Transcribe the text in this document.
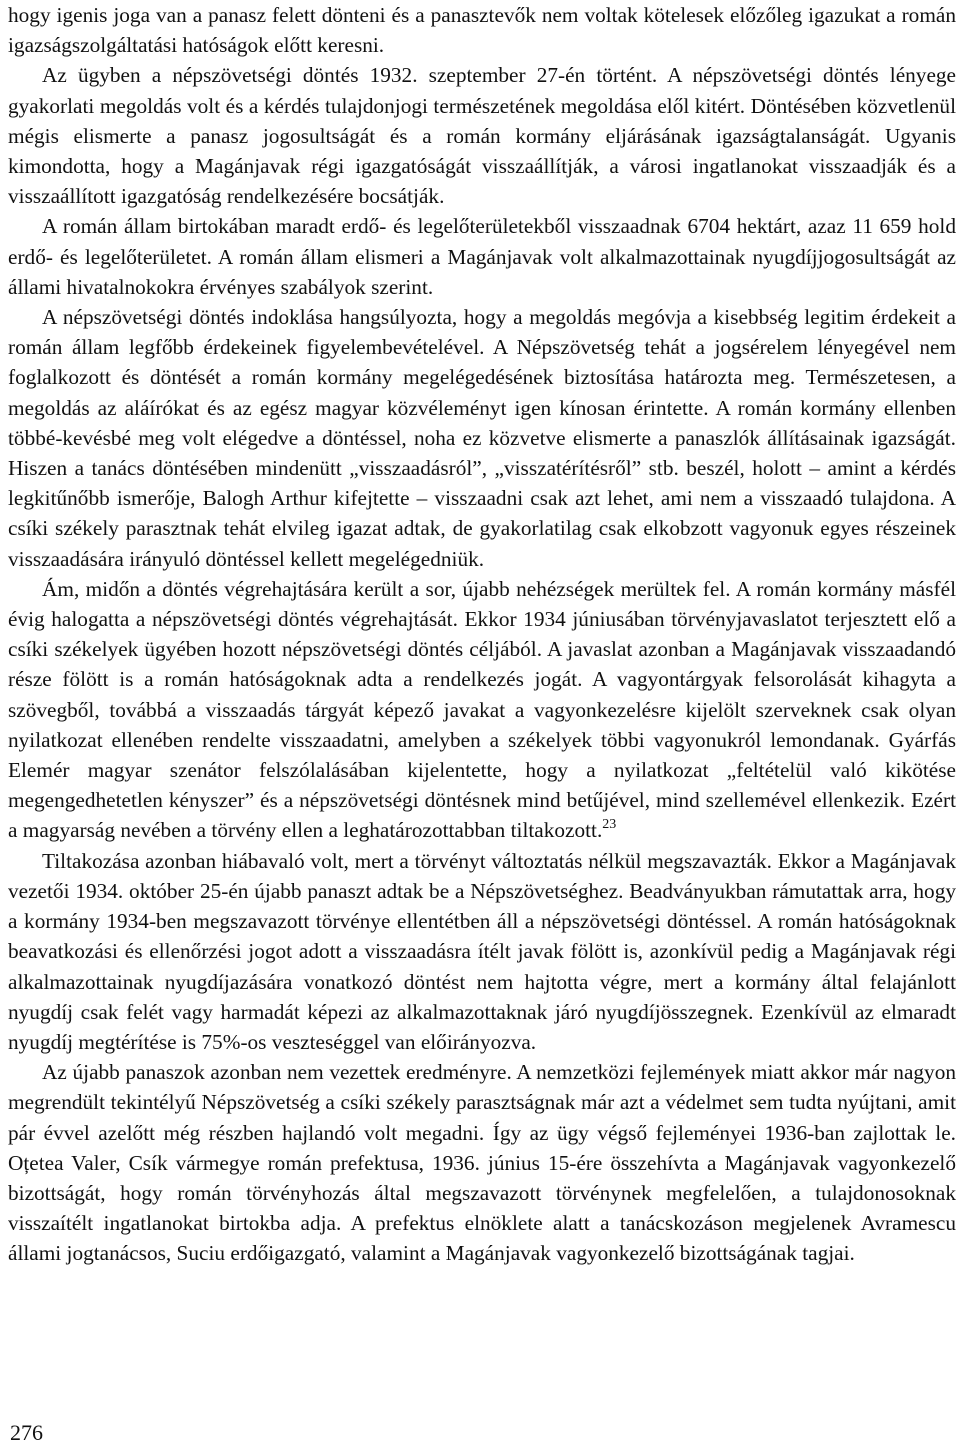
hogy igenis joga van a panasz felett dönteni és a panasztevők nem voltak kötelesek előzőleg igazukat a román igazságszolgáltatási hatóságok előtt keresni.

Az ügyben a népszövetségi döntés 1932. szeptember 27-én történt. A népszövetségi döntés lényege gyakorlati megoldás volt és a kérdés tulajdonjogi természetének megoldása elől kitért. Döntésében közvetlenül mégis elismerte a panasz jogosultságát és a román kormány eljárásának igazságtalanságát. Ugyanis kimondotta, hogy a Magánjavak régi igazgatóságát visszaállítják, a városi ingatlanokat visszaadják és a visszaállított igazgatóság rendelkezésére bocsátják.

A román állam birtokában maradt erdő- és legelőterületekből visszaadnak 6704 hektárt, azaz 11 659 hold erdő- és legelőterületet. A román állam elismeri a Magánjavak volt alkalmazottainak nyugdíjjogosultságát az állami hivatalnokokra érvényes szabályok szerint.

A népszövetségi döntés indoklása hangsúlyozta, hogy a megoldás megóvja a kisebbség legitim érdekeit a román állam legfőbb érdekeinek figyelembevételével. A Népszövetség tehát a jogsérelem lényegével nem foglalkozott és döntését a román kormány megelégedésének biztosítása határozta meg. Természetesen, a megoldás az aláírókat és az egész magyar közvéleményt igen kínosan érintette. A román kormány ellenben többé-kevésbé meg volt elégedve a döntéssel, noha ez közvetve elismerte a panaszlók állításainak igazságát. Hiszen a tanács döntésében mindenütt „visszaadásról”, „visszatérítésről” stb. beszél, holott – amint a kérdés legkitűnőbb ismerője, Balogh Arthur kifejtette – visszaadni csak azt lehet, ami nem a visszaadó tulajdona. A csíki székely parasztnak tehát elvileg igazat adtak, de gyakorlatilag csak elkobzott vagyonuk egyes részeinek visszaadására irányuló döntéssel kellett megelégedniük.

Ám, midőn a döntés végrehajtására került a sor, újabb nehézségek merültek fel. A román kormány másfél évig halogatta a népszövetségi döntés végrehajtását. Ekkor 1934 júniusában törvényjavaslatot terjesztett elő a csíki székelyek ügyében hozott népszövetségi döntés céljából. A javaslat azonban a Magánjavak visszaadandó része fölött is a román hatóságoknak adta a rendelkezés jogát. A vagyontárgyak felsorolását kihagyta a szövegből, továbbá a visszaadás tárgyát képező javakat a vagyonkezelésre kijelölt szerveknek csak olyan nyilatkozat ellenében rendelte visszaadatni, amelyben a székelyek többi vagyonukról lemondanak. Gyárfás Elemér magyar szenátor felszólalásában kijelentette, hogy a nyilatkozat „feltételül való kikötése megengedhetetlen kényszer” és a népszövetségi döntésnek mind betűjével, mind szellemével ellenkezik. Ezért a magyarság nevében a törvény ellen a leghatározottabban tiltakozott.$^{23}$

Tiltakozása azonban hiábavaló volt, mert a törvényt változtatás nélkül megszavazták. Ekkor a Magánjavak vezetői 1934. október 25-én újabb panaszt adtak be a Népszövetséghez. Beadványukban rámutattak arra, hogy a kormány 1934-ben megszavazott törvénye ellentétben áll a népszövetségi döntéssel. A román hatóságoknak beavatkozási és ellenőrzési jogot adott a visszaadásra ítélt javak fölött is, azonkívül pedig a Magánjavak régi alkalmazottainak nyugdíjazására vonatkozó döntést nem hajtotta végre, mert a kormány által felajánlott nyugdíj csak felét vagy harmadát képezi az alkalmazottaknak járó nyugdíjösszegnek. Ezenkívül az elmaradt nyugdíj megtérítése is 75%-os veszteséggel van előirányozva.

Az újabb panaszok azonban nem vezettek eredményre. A nemzetközi fejlemények miatt akkor már nagyon megrendült tekintélyű Népszövetség a csíki székely parasztságnak már azt a védelmet sem tudta nyújtani, amit pár évvel azelőtt még részben hajlandó volt megadni. Így az ügy végső fejleményei 1936-ban zajlottak le. Oțetea Valer, Csík vármegye román prefektusa, 1936. június 15-ére összehívta a Magánjavak vagyonkezelő bizottságát, hogy román törvényhozás által megszavazott törvénynek megfelelően, a tulajdonosoknak visszaítélt ingatlanokat birtokba adja. A prefektus elnöklete alatt a tanácskozáson megjelenek Avramescu állami jogtanácsos, Suciu erdőigazgató, valamint a Magánjavak vagyonkezelő bizottságának tagjai.

276
